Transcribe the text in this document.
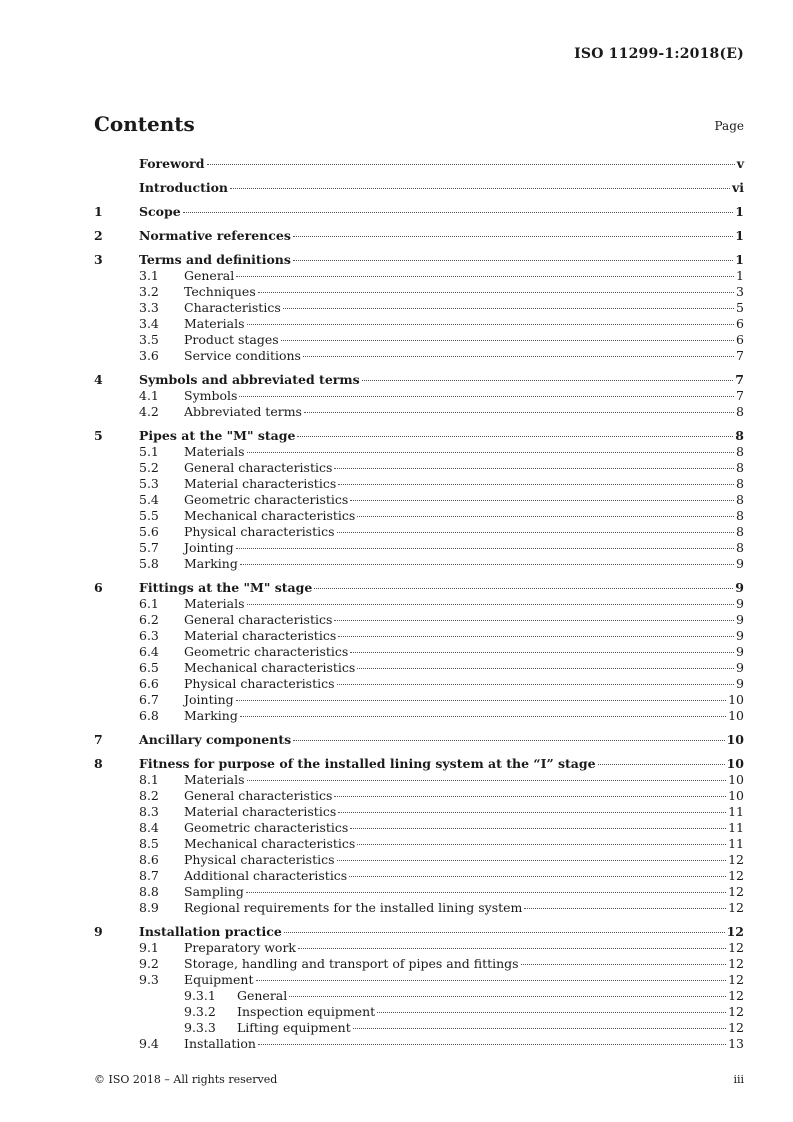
ISO 11299-1:2018(E)
Contents	Page
Foreword	v
Introduction	vi
1	Scope	1
2	Normative references	1
3	Terms and definitions	1
3.1	General	1
3.2	Techniques	3
3.3	Characteristics	5
3.4	Materials	6
3.5	Product stages	6
3.6	Service conditions	7
4	Symbols and abbreviated terms	7
4.1	Symbols	7
4.2	Abbreviated terms	8
5	Pipes at the "M" stage	8
5.1	Materials	8
5.2	General characteristics	8
5.3	Material characteristics	8
5.4	Geometric characteristics	8
5.5	Mechanical characteristics	8
5.6	Physical characteristics	8
5.7	Jointing	8
5.8	Marking	9
6	Fittings at the "M" stage	9
6.1	Materials	9
6.2	General characteristics	9
6.3	Material characteristics	9
6.4	Geometric characteristics	9
6.5	Mechanical characteristics	9
6.6	Physical characteristics	9
6.7	Jointing	10
6.8	Marking	10
7	Ancillary components	10
8	Fitness for purpose of the installed lining system at the “I” stage	10
8.1	Materials	10
8.2	General characteristics	10
8.3	Material characteristics	11
8.4	Geometric characteristics	11
8.5	Mechanical characteristics	11
8.6	Physical characteristics	12
8.7	Additional characteristics	12
8.8	Sampling	12
8.9	Regional requirements for the installed lining system	12
9	Installation practice	12
9.1	Preparatory work	12
9.2	Storage, handling and transport of pipes and fittings	12
9.3	Equipment	12
9.3.1	General	12
9.3.2	Inspection equipment	12
9.3.3	Lifting equipment	12
9.4	Installation	13
© ISO 2018 – All rights reserved	iii
